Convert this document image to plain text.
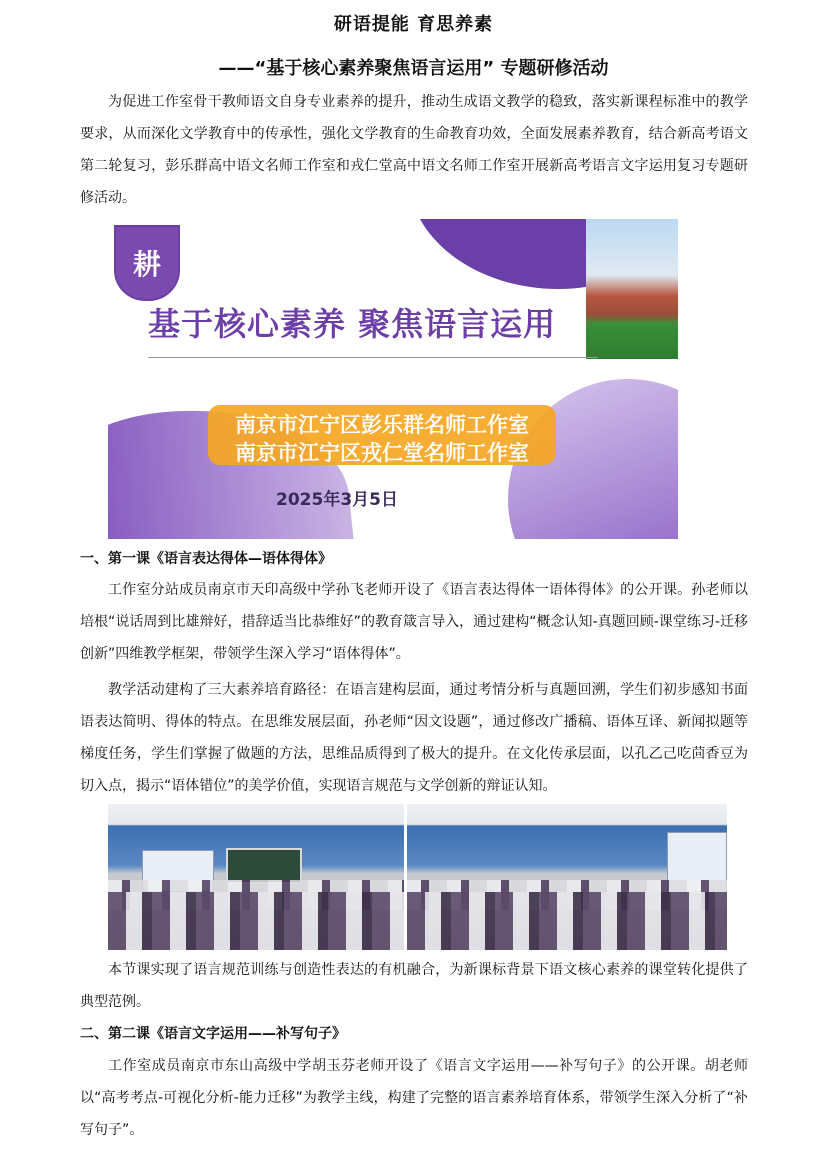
研语提能 育思养素
——“基于核心素养聚焦语言运用” 专题研修活动

为促进工作室骨干教师语文自身专业素养的提升，推动生成语文教学的稳致，落实新课程标准中的教学要求，从而深化文学教育中的传承性，强化文学教育的生命教育功效，全面发展素养教育，结合新高考语文第二轮复习，彭乐群高中语文名师工作室和戎仁堂高中语文名师工作室开展新高考语言文字运用复习专题研修活动。

耕
基于核心素养 聚焦语言运用
南京市江宁区彭乐群名师工作室
南京市江宁区戎仁堂名师工作室
2025年3月5日
一、第一课《语言表达得体—语体得体》

工作室分站成员南京市天印高级中学孙飞老师开设了《语言表达得体一语体得体》的公开课。孙老师以培根“说话周到比雄辩好，措辞适当比恭维好”的教育箴言导入，通过建构“概念认知-真题回顾-课堂练习-迁移创新”四维教学框架，带领学生深入学习“语体得体”。

教学活动建构了三大素养培育路径：在语言建构层面，通过考情分析与真题回溯，学生们初步感知书面语表达简明、得体的特点。在思维发展层面，孙老师“因文设题”，通过修改广播稿、语体互译、新闻拟题等梯度任务，学生们掌握了做题的方法，思维品质得到了极大的提升。在文化传承层面，以孔乙己吃茴香豆为切入点，揭示“语体错位”的美学价值，实现语言规范与文学创新的辩证认知。

本节课实现了语言规范训练与创造性表达的有机融合，为新课标背景下语文核心素养的课堂转化提供了典型范例。

二、第二课《语言文字运用——补写句子》

工作室成员南京市东山高级中学胡玉芬老师开设了《语言文字运用——补写句子》的公开课。胡老师以“高考考点-可视化分析-能力迁移”为教学主线，构建了完整的语言素养培育体系，带领学生深入分析了“补写句子”。
